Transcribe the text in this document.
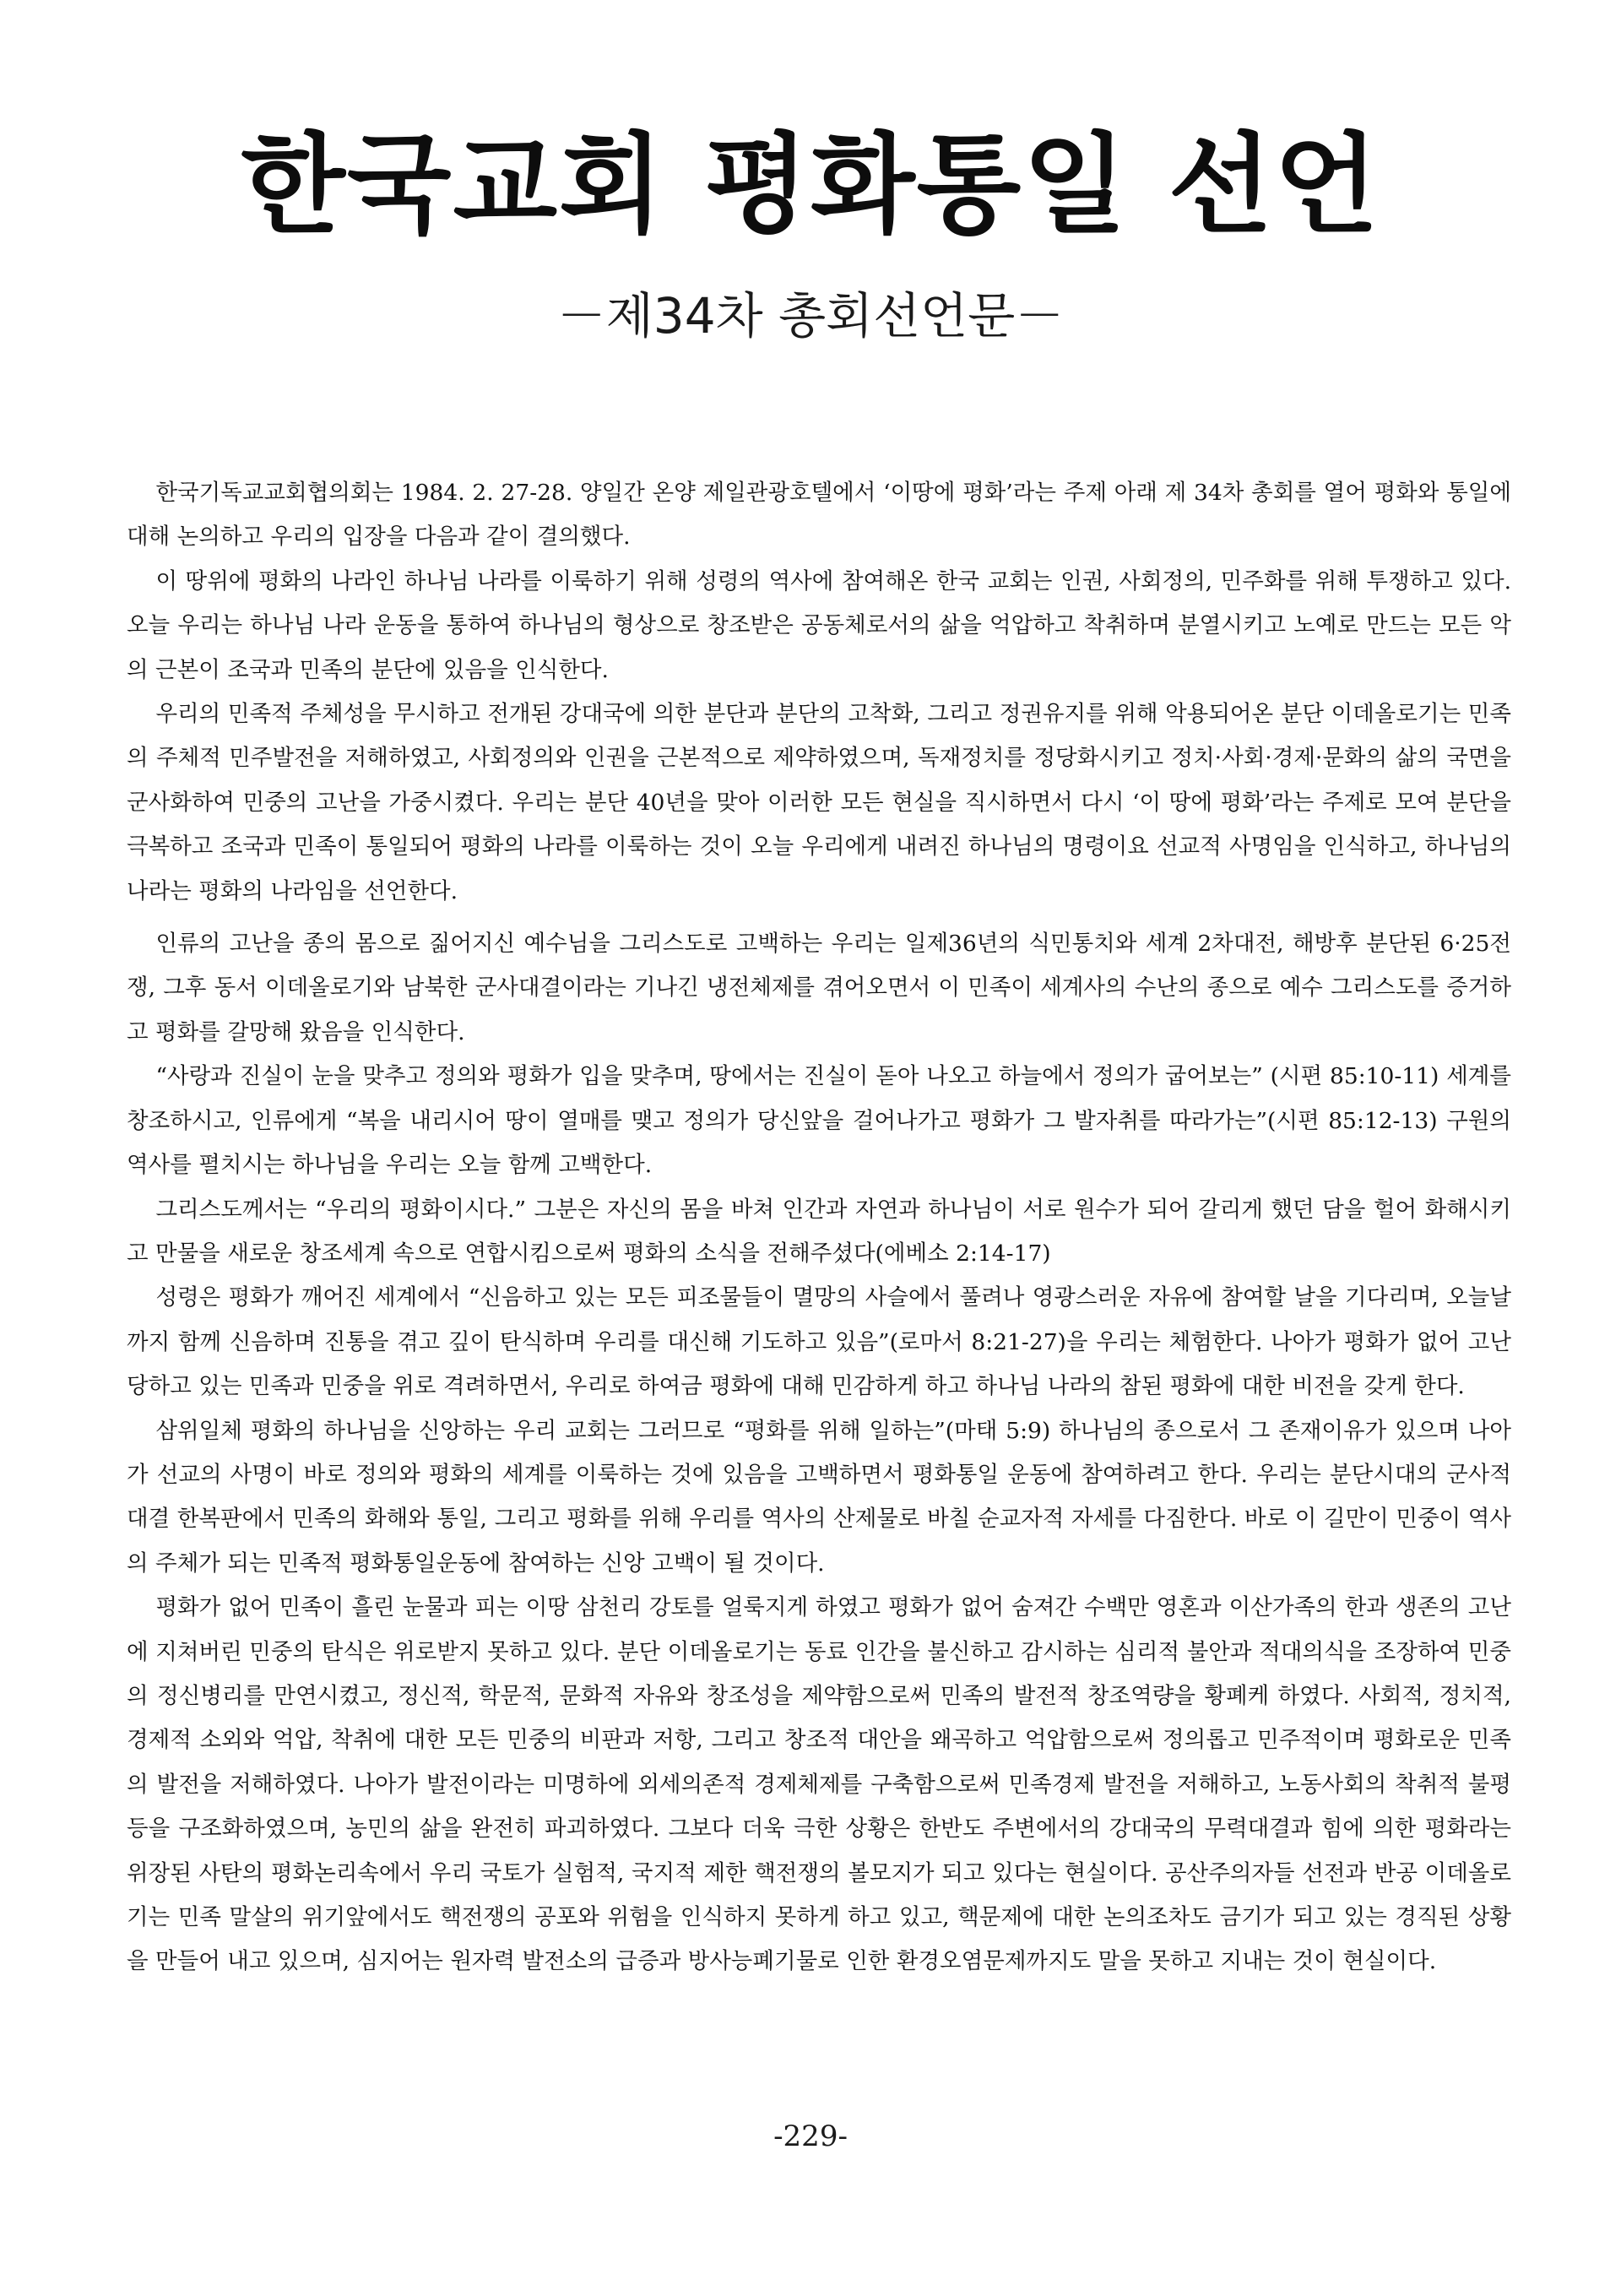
한국교회 평화통일 선언
－제34차 총회선언문－

한국기독교교회협의회는 1984. 2. 27-28. 양일간 온양 제일관광호텔에서 ‘이땅에 평화’라는 주제 아래 제 34차 총회를 열어 평화와 통일에 대해 논의하고 우리의 입장을 다음과 같이 결의했다.

이 땅위에 평화의 나라인 하나님 나라를 이룩하기 위해 성령의 역사에 참여해온 한국 교회는 인권, 사회정의, 민주화를 위해 투쟁하고 있다. 오늘 우리는 하나님 나라 운동을 통하여 하나님의 형상으로 창조받은 공동체로서의 삶을 억압하고 착취하며 분열시키고 노예로 만드는 모든 악의 근본이 조국과 민족의 분단에 있음을 인식한다.

우리의 민족적 주체성을 무시하고 전개된 강대국에 의한 분단과 분단의 고착화, 그리고 정권유지를 위해 악용되어온 분단 이데올로기는 민족의 주체적 민주발전을 저해하였고, 사회정의와 인권을 근본적으로 제약하였으며, 독재정치를 정당화시키고 정치·사회·경제·문화의 삶의 국면을 군사화하여 민중의 고난을 가중시켰다. 우리는 분단 40년을 맞아 이러한 모든 현실을 직시하면서 다시 ‘이 땅에 평화’라는 주제로 모여 분단을 극복하고 조국과 민족이 통일되어 평화의 나라를 이룩하는 것이 오늘 우리에게 내려진 하나님의 명령이요 선교적 사명임을 인식하고, 하나님의 나라는 평화의 나라임을 선언한다.

인류의 고난을 종의 몸으로 짊어지신 예수님을 그리스도로 고백하는 우리는 일제36년의 식민통치와 세계 2차대전, 해방후 분단된 6·25전쟁, 그후 동서 이데올로기와 남북한 군사대결이라는 기나긴 냉전체제를 겪어오면서 이 민족이 세계사의 수난의 종으로 예수 그리스도를 증거하고 평화를 갈망해 왔음을 인식한다.

“사랑과 진실이 눈을 맞추고 정의와 평화가 입을 맞추며, 땅에서는 진실이 돋아 나오고 하늘에서 정의가 굽어보는” (시편 85:10-11) 세계를 창조하시고, 인류에게 “복을 내리시어 땅이 열매를 맺고 정의가 당신앞을 걸어나가고 평화가 그 발자취를 따라가는”(시편 85:12-13) 구원의 역사를 펼치시는 하나님을 우리는 오늘 함께 고백한다.

그리스도께서는 “우리의 평화이시다.” 그분은 자신의 몸을 바쳐 인간과 자연과 하나님이 서로 원수가 되어 갈리게 했던 담을 헐어 화해시키고 만물을 새로운 창조세계 속으로 연합시킴으로써 평화의 소식을 전해주셨다(에베소 2:14-17)

성령은 평화가 깨어진 세계에서 “신음하고 있는 모든 피조물들이 멸망의 사슬에서 풀려나 영광스러운 자유에 참여할 날을 기다리며, 오늘날까지 함께 신음하며 진통을 겪고 깊이 탄식하며 우리를 대신해 기도하고 있음”(로마서 8:21-27)을 우리는 체험한다. 나아가 평화가 없어 고난당하고 있는 민족과 민중을 위로 격려하면서, 우리로 하여금 평화에 대해 민감하게 하고 하나님 나라의 참된 평화에 대한 비전을 갖게 한다.

삼위일체 평화의 하나님을 신앙하는 우리 교회는 그러므로 “평화를 위해 일하는”(마태 5:9) 하나님의 종으로서 그 존재이유가 있으며 나아가 선교의 사명이 바로 정의와 평화의 세계를 이룩하는 것에 있음을 고백하면서 평화통일 운동에 참여하려고 한다. 우리는 분단시대의 군사적 대결 한복판에서 민족의 화해와 통일, 그리고 평화를 위해 우리를 역사의 산제물로 바칠 순교자적 자세를 다짐한다. 바로 이 길만이 민중이 역사의 주체가 되는 민족적 평화통일운동에 참여하는 신앙 고백이 될 것이다.

평화가 없어 민족이 흘린 눈물과 피는 이땅 삼천리 강토를 얼룩지게 하였고 평화가 없어 숨져간 수백만 영혼과 이산가족의 한과 생존의 고난에 지쳐버린 민중의 탄식은 위로받지 못하고 있다. 분단 이데올로기는 동료 인간을 불신하고 감시하는 심리적 불안과 적대의식을 조장하여 민중의 정신병리를 만연시켰고, 정신적, 학문적, 문화적 자유와 창조성을 제약함으로써 민족의 발전적 창조역량을 황폐케 하였다. 사회적, 정치적, 경제적 소외와 억압, 착취에 대한 모든 민중의 비판과 저항, 그리고 창조적 대안을 왜곡하고 억압함으로써 정의롭고 민주적이며 평화로운 민족의 발전을 저해하였다. 나아가 발전이라는 미명하에 외세의존적 경제체제를 구축함으로써 민족경제 발전을 저해하고, 노동사회의 착취적 불평등을 구조화하였으며, 농민의 삶을 완전히 파괴하였다. 그보다 더욱 극한 상황은 한반도 주변에서의 강대국의 무력대결과 힘에 의한 평화라는 위장된 사탄의 평화논리속에서 우리 국토가 실험적, 국지적 제한 핵전쟁의 볼모지가 되고 있다는 현실이다. 공산주의자들 선전과 반공 이데올로기는 민족 말살의 위기앞에서도 핵전쟁의 공포와 위험을 인식하지 못하게 하고 있고, 핵문제에 대한 논의조차도 금기가 되고 있는 경직된 상황을 만들어 내고 있으며, 심지어는 원자력 발전소의 급증과 방사능폐기물로 인한 환경오염문제까지도 말을 못하고 지내는 것이 현실이다.

-229-
